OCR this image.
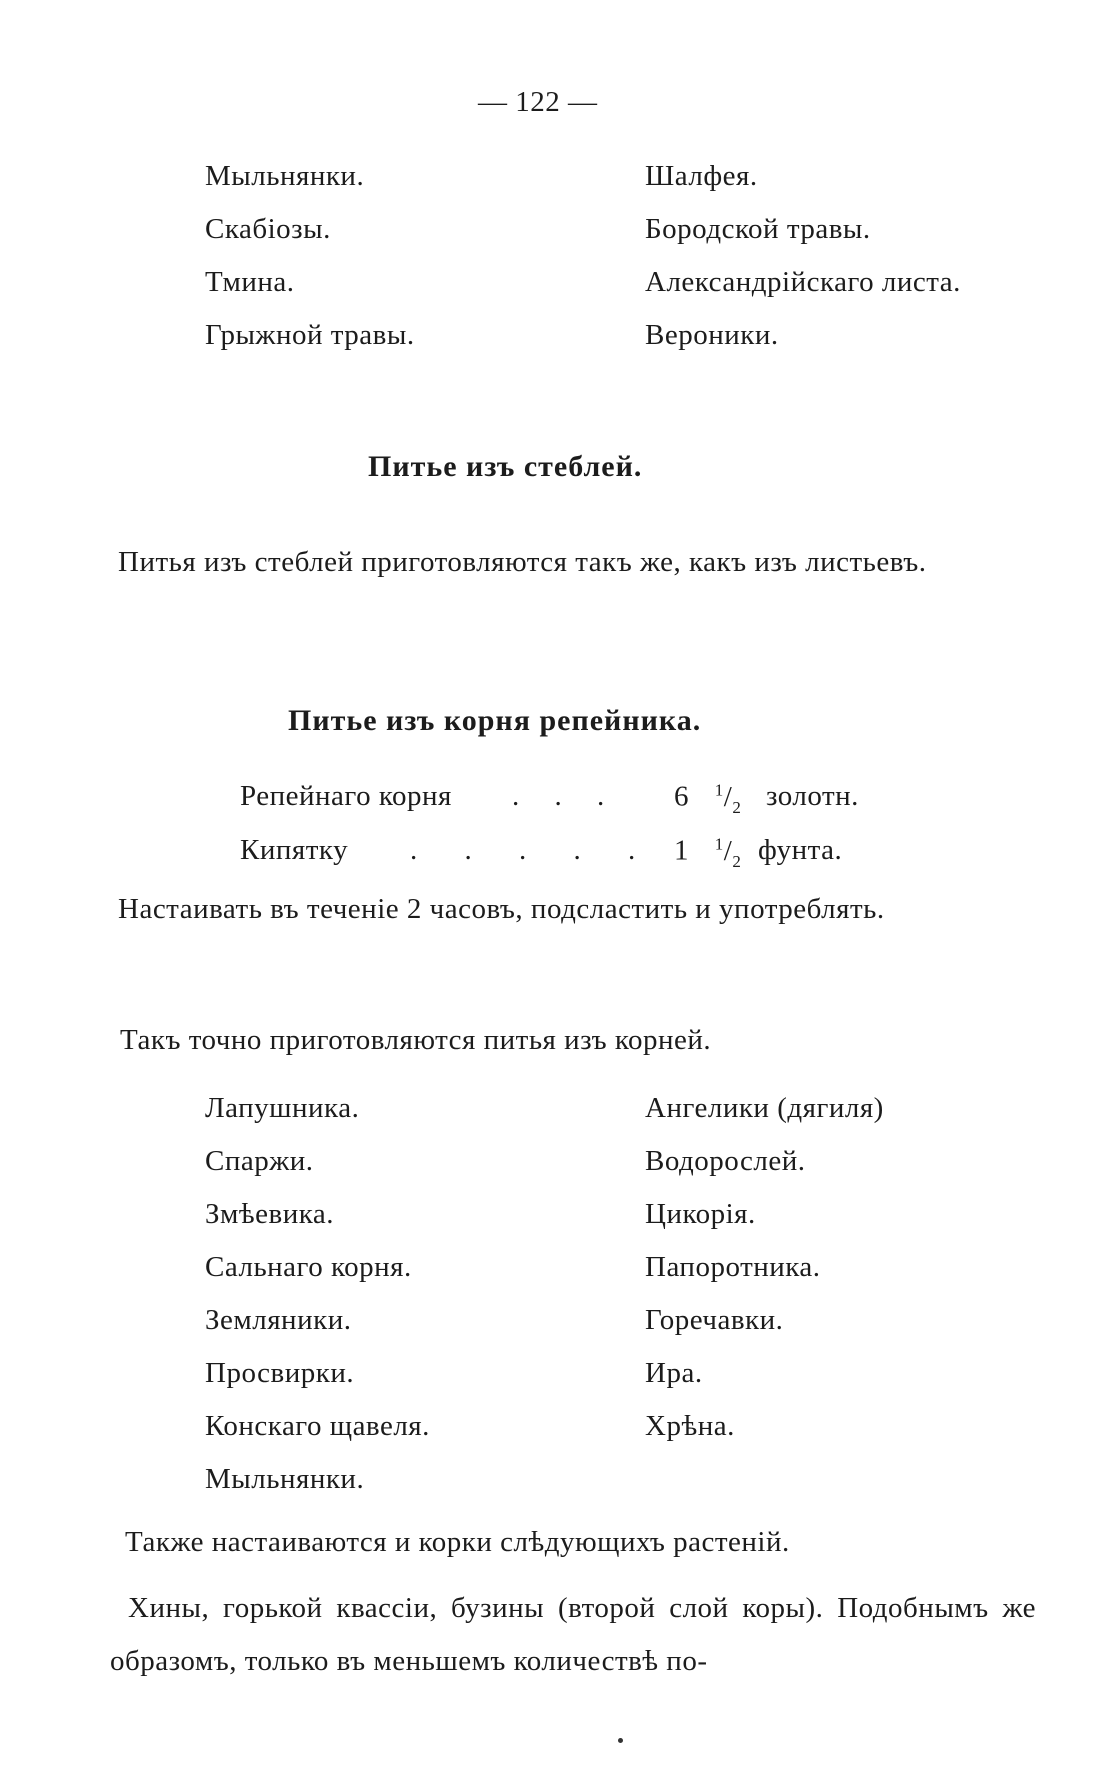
— 122 —
Мыльнянки.
Скабіозы.
Тмина.
Грыжной травы.
Шалфея.
Бородской травы.
Александрійскаго листа.
Вероники.
Питье изъ стеблей.
Питья изъ стеблей приготовляются такъ же, какъ изъ листьевъ.
Питье изъ корня репейника.
Репейнаго корня . . . 6 $^1/_2$ золотн.
Кипятку . . . . . 1 $^1/_2$ фунта.
Настаивать въ теченіе 2 часовъ, подсластить и употреблять.
Такъ точно приготовляются питья изъ корней.
Лапушника.
Спаржи.
Змѣевика.
Сальнаго корня.
Земляники.
Просвирки.
Конскаго щавеля.
Мыльнянки.
Ангелики (дягиля)
Водорослей.
Цикорія.
Папоротника.
Горечавки.
Ира.
Хрѣна.
Также настаиваются и корки слѣдующихъ растеній.
Хины, горькой квассіи, бузины (второй слой коры). Подобнымъ же образомъ, только въ меньшемъ количествѣ по-
